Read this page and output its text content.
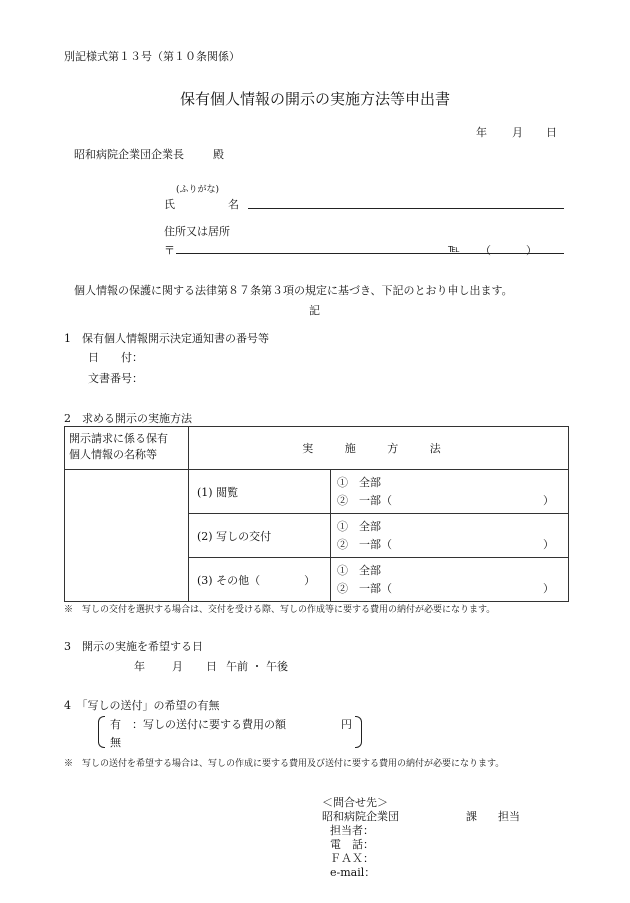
別記様式第１３号（第１０条関係）
保有個人情報の開示の実施方法等申出書
年 月 日
昭和病院企業団企業長	殿
(ふりがな)
氏	名
住所又は居所
〒	℡ （	）
個人情報の保護に関する法律第８７条第３項の規定に基づき、下記のとおり申し出ます。
記
1　保有個人情報開示決定通知書の番号等
日　　付：
文書番号：
2　求める開示の実施方法
開示請求に係る保有
個人情報の名称等	実 施 方 法	
	(1) 閲覧	①　全部
②　一部（ ）

	(2) 写しの交付	①　全部
②　一部（ ）

	(3) その他（　　　　）	①　全部
②　一部（ ）
※　写しの交付を選択する場合は、交付を受ける際、写しの作成等に要する費用の納付が必要になります。
3　開示の実施を希望する日
年 月 日 午前 ・ 午後
4　「写しの送付」の希望の有無
有　：写しの送付に要する費用の額	円
無
※　写しの送付を希望する場合は、写しの作成に要する費用及び送付に要する費用の納付が必要になります。
＜問合せ先＞
昭和病院企業団	課 担当
担当者：
電　話：
ＦＡＸ：
e-mail：
